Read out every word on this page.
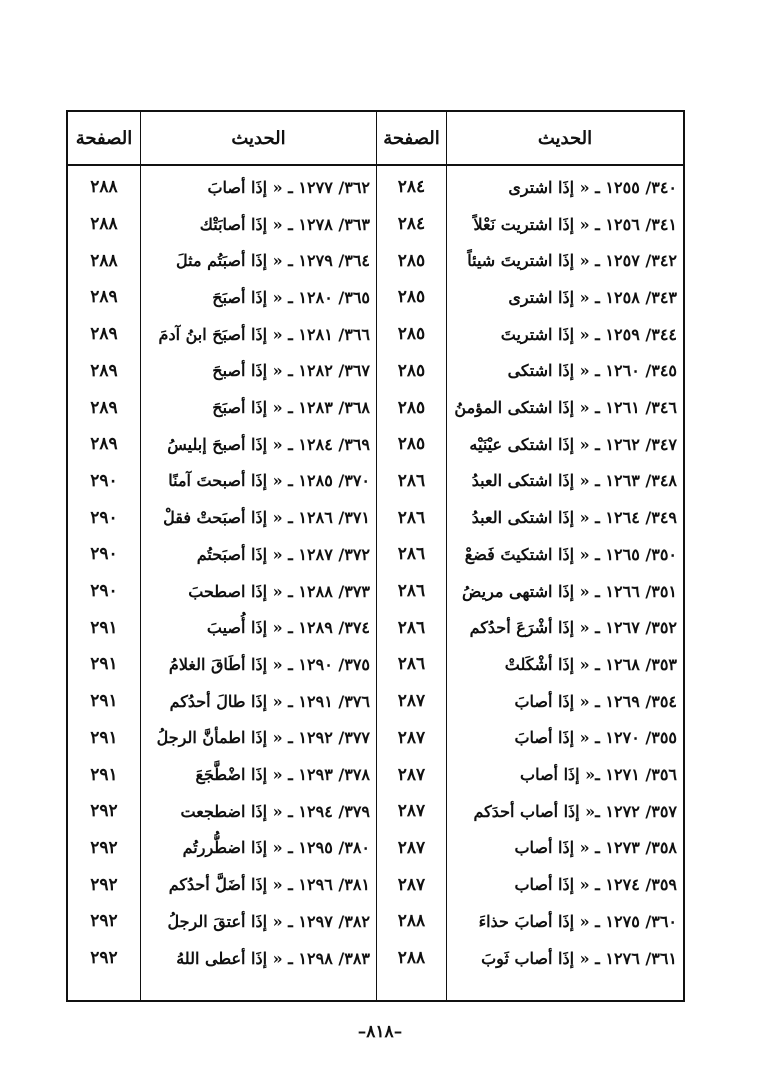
الحديث
الصفحة
الحديث
الصفحة
٣٤٠/ ١٢٥٥ ـ « إذَا اشترى
٢٨٤
٣٦٢/ ١٢٧٧ ـ « إذَا أصابَ
٢٨٨
٣٤١/ ١٢٥٦ ـ « إذَا اشتريت نَعْلاً
٢٨٤
٣٦٣/ ١٢٧٨ ـ « إذَا أصابَتْك
٢٨٨
٣٤٢/ ١٢٥٧ ـ « إذَا اشتريتَ شيئاً
٢٨٥
٣٦٤/ ١٢٧٩ ـ « إذَا أصبَتُم مثلَ
٢٨٨
٣٤٣/ ١٢٥٨ ـ « إذَا اشترى
٢٨٥
٣٦٥/ ١٢٨٠ ـ « إذَا أصبَحَ
٢٨٩
٣٤٤/ ١٢٥٩ ـ « إذَا اشتريتَ
٢٨٥
٣٦٦/ ١٢٨١ ـ « إذَا أصبَحَ ابنُ آدمَ
٢٨٩
٣٤٥/ ١٢٦٠ ـ « إذَا اشتكى
٢٨٥
٣٦٧/ ١٢٨٢ ـ « إذَا أصبحَ
٢٨٩
٣٤٦/ ١٢٦١ ـ « إذَا اشتكى المؤمنُ
٢٨٥
٣٦٨/ ١٢٨٣ ـ « إذَا أصبَحَ
٢٨٩
٣٤٧/ ١٢٦٢ ـ « إذَا اشتكى عيْنَيْه
٢٨٥
٣٦٩/ ١٢٨٤ ـ « إذَا أصبحَ إبليسُ
٢٨٩
٣٤٨/ ١٢٦٣ ـ « إذَا اشتكى العبدُ
٢٨٦
٣٧٠/ ١٢٨٥ ـ « إذَا أصبحتَ آمنًا
٢٩٠
٣٤٩/ ١٢٦٤ ـ « إذَا اشتكى العبدُ
٢٨٦
٣٧١/ ١٢٨٦ ـ « إذَا أصبَحتْ فقلْ
٢٩٠
٣٥٠/ ١٢٦٥ ـ « إذَا اشتكيتَ فَضعْ
٢٨٦
٣٧٢/ ١٢٨٧ ـ « إذَا أصبَحتُم
٢٩٠
٣٥١/ ١٢٦٦ ـ « إذَا اشتهى مريضُ
٢٨٦
٣٧٣/ ١٢٨٨ ـ « إذَا اصطحبَ
٢٩٠
٣٥٢/ ١٢٦٧ ـ « إذَا أشْرَعَ أحدُكم
٢٨٦
٣٧٤/ ١٢٨٩ ـ « إذَا أُصيبَ
٢٩١
٣٥٣/ ١٢٦٨ ـ « إذَا أشْكَلتْ
٢٨٦
٣٧٥/ ١٢٩٠ ـ « إذَا أطَاقَ الغلامُ
٢٩١
٣٥٤/ ١٢٦٩ ـ « إذَا أصابَ
٢٨٧
٣٧٦/ ١٢٩١ ـ « إذَا طالَ أحدُكم
٢٩١
٣٥٥/ ١٢٧٠ ـ « إذَا أصابَ
٢٨٧
٣٧٧/ ١٢٩٢ ـ « إذَا اطمأنَّ الرجلُ
٢٩١
٣٥٦/ ١٢٧١ ـ« إذَا أصاب
٢٨٧
٣٧٨/ ١٢٩٣ ـ « إذَا اضْطَّجَعَ
٢٩١
٣٥٧/ ١٢٧٢ ـ« إذَا أصاب أحدَكم
٢٨٧
٣٧٩/ ١٢٩٤ ـ « إذَا اضطجعت
٢٩٢
٣٥٨/ ١٢٧٣ ـ « إذَا أصاب
٢٨٧
٣٨٠/ ١٢٩٥ ـ « إذَا اضطُّررتُم
٢٩٢
٣٥٩/ ١٢٧٤ ـ « إذَا أصاب
٢٨٧
٣٨١/ ١٢٩٦ ـ « إذَا أضَلَّ أحدُكم
٢٩٢
٣٦٠/ ١٢٧٥ ـ « إذَا أصابَ حذاءَ
٢٨٨
٣٨٢/ ١٢٩٧ ـ « إذَا أعتقَ الرجلُ
٢٩٢
٣٦١/ ١٢٧٦ ـ « إذَا أصاب ثَوبَ
٢٨٨
٣٨٣/ ١٢٩٨ ـ « إذَا أعطى اللهُ
٢٩٢
–٨١٨–
